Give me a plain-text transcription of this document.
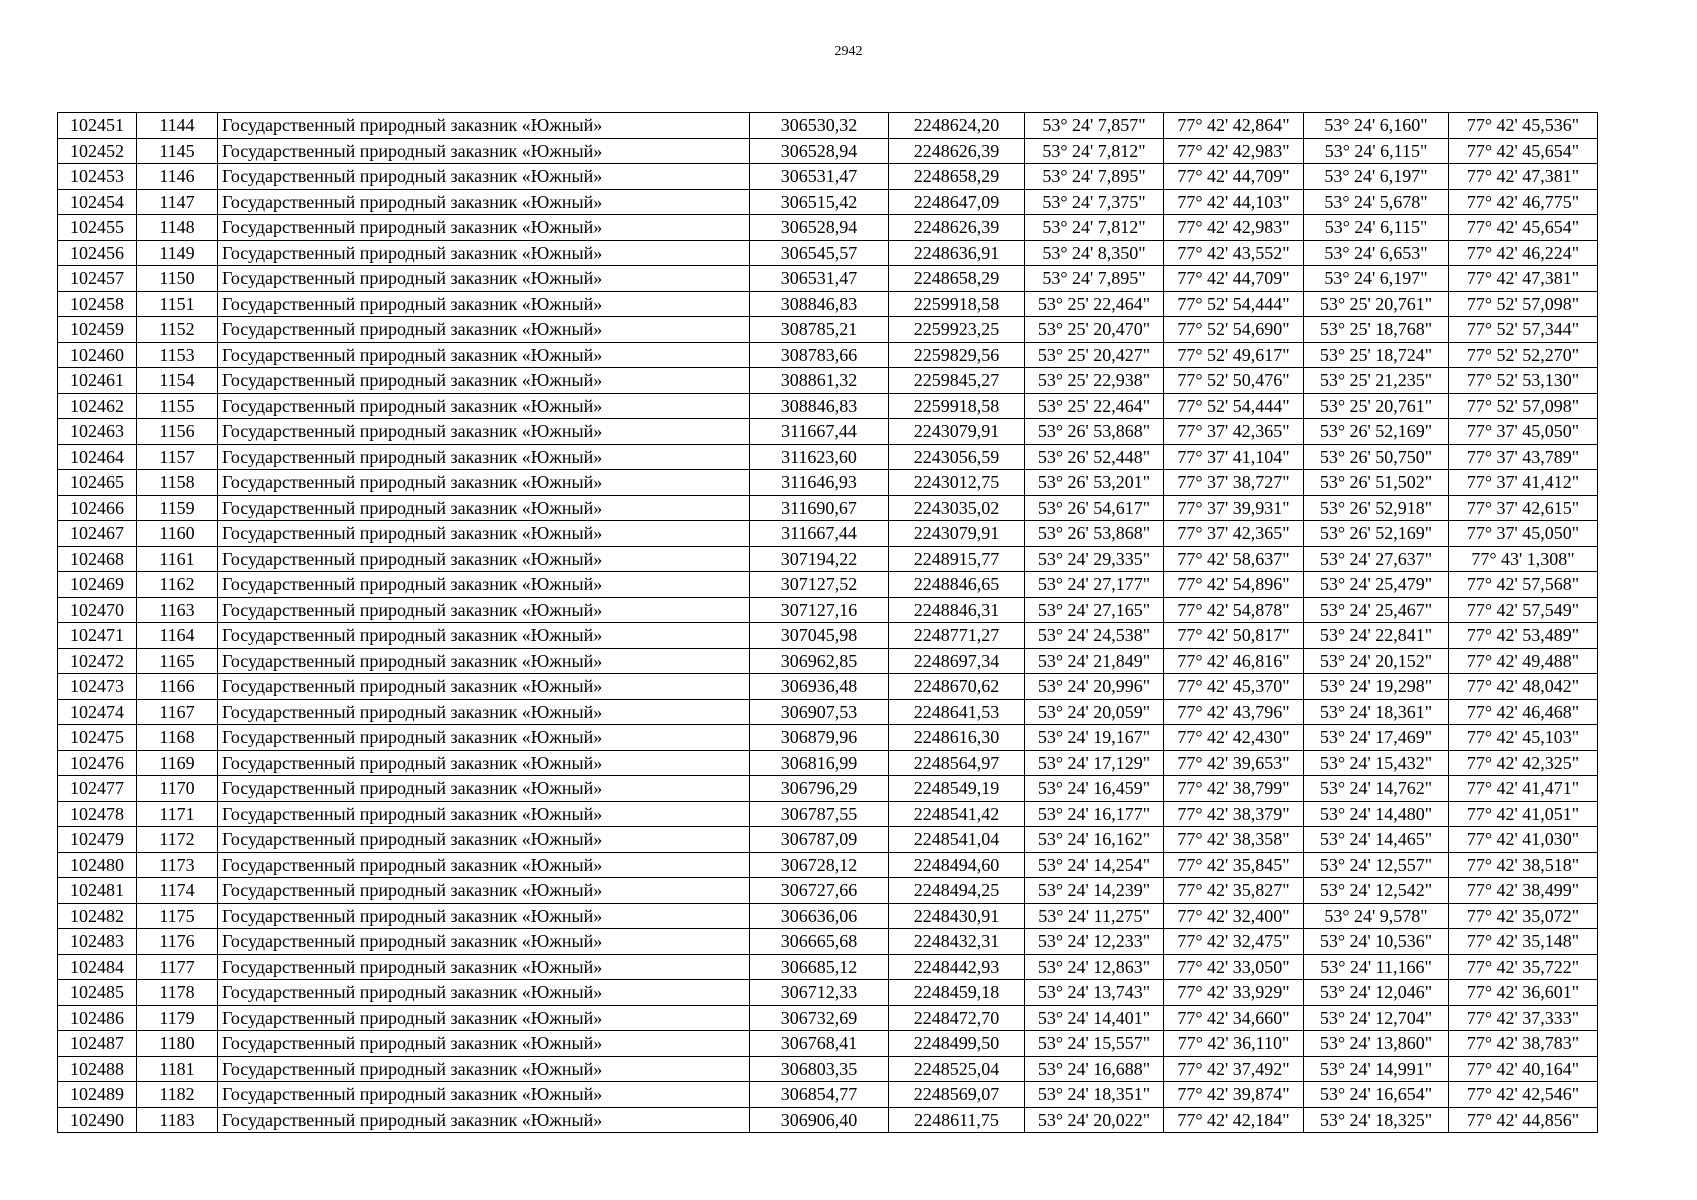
2942
102451	1144	Государственный природный заказник «Южный»	306530,32	2248624,20	53° 24' 7,857"	77° 42' 42,864"	53° 24' 6,160"	77° 42' 45,536"
102452	1145	Государственный природный заказник «Южный»	306528,94	2248626,39	53° 24' 7,812"	77° 42' 42,983"	53° 24' 6,115"	77° 42' 45,654"
102453	1146	Государственный природный заказник «Южный»	306531,47	2248658,29	53° 24' 7,895"	77° 42' 44,709"	53° 24' 6,197"	77° 42' 47,381"
102454	1147	Государственный природный заказник «Южный»	306515,42	2248647,09	53° 24' 7,375"	77° 42' 44,103"	53° 24' 5,678"	77° 42' 46,775"
102455	1148	Государственный природный заказник «Южный»	306528,94	2248626,39	53° 24' 7,812"	77° 42' 42,983"	53° 24' 6,115"	77° 42' 45,654"
102456	1149	Государственный природный заказник «Южный»	306545,57	2248636,91	53° 24' 8,350"	77° 42' 43,552"	53° 24' 6,653"	77° 42' 46,224"
102457	1150	Государственный природный заказник «Южный»	306531,47	2248658,29	53° 24' 7,895"	77° 42' 44,709"	53° 24' 6,197"	77° 42' 47,381"
102458	1151	Государственный природный заказник «Южный»	308846,83	2259918,58	53° 25' 22,464"	77° 52' 54,444"	53° 25' 20,761"	77° 52' 57,098"
102459	1152	Государственный природный заказник «Южный»	308785,21	2259923,25	53° 25' 20,470"	77° 52' 54,690"	53° 25' 18,768"	77° 52' 57,344"
102460	1153	Государственный природный заказник «Южный»	308783,66	2259829,56	53° 25' 20,427"	77° 52' 49,617"	53° 25' 18,724"	77° 52' 52,270"
102461	1154	Государственный природный заказник «Южный»	308861,32	2259845,27	53° 25' 22,938"	77° 52' 50,476"	53° 25' 21,235"	77° 52' 53,130"
102462	1155	Государственный природный заказник «Южный»	308846,83	2259918,58	53° 25' 22,464"	77° 52' 54,444"	53° 25' 20,761"	77° 52' 57,098"
102463	1156	Государственный природный заказник «Южный»	311667,44	2243079,91	53° 26' 53,868"	77° 37' 42,365"	53° 26' 52,169"	77° 37' 45,050"
102464	1157	Государственный природный заказник «Южный»	311623,60	2243056,59	53° 26' 52,448"	77° 37' 41,104"	53° 26' 50,750"	77° 37' 43,789"
102465	1158	Государственный природный заказник «Южный»	311646,93	2243012,75	53° 26' 53,201"	77° 37' 38,727"	53° 26' 51,502"	77° 37' 41,412"
102466	1159	Государственный природный заказник «Южный»	311690,67	2243035,02	53° 26' 54,617"	77° 37' 39,931"	53° 26' 52,918"	77° 37' 42,615"
102467	1160	Государственный природный заказник «Южный»	311667,44	2243079,91	53° 26' 53,868"	77° 37' 42,365"	53° 26' 52,169"	77° 37' 45,050"
102468	1161	Государственный природный заказник «Южный»	307194,22	2248915,77	53° 24' 29,335"	77° 42' 58,637"	53° 24' 27,637"	77° 43' 1,308"
102469	1162	Государственный природный заказник «Южный»	307127,52	2248846,65	53° 24' 27,177"	77° 42' 54,896"	53° 24' 25,479"	77° 42' 57,568"
102470	1163	Государственный природный заказник «Южный»	307127,16	2248846,31	53° 24' 27,165"	77° 42' 54,878"	53° 24' 25,467"	77° 42' 57,549"
102471	1164	Государственный природный заказник «Южный»	307045,98	2248771,27	53° 24' 24,538"	77° 42' 50,817"	53° 24' 22,841"	77° 42' 53,489"
102472	1165	Государственный природный заказник «Южный»	306962,85	2248697,34	53° 24' 21,849"	77° 42' 46,816"	53° 24' 20,152"	77° 42' 49,488"
102473	1166	Государственный природный заказник «Южный»	306936,48	2248670,62	53° 24' 20,996"	77° 42' 45,370"	53° 24' 19,298"	77° 42' 48,042"
102474	1167	Государственный природный заказник «Южный»	306907,53	2248641,53	53° 24' 20,059"	77° 42' 43,796"	53° 24' 18,361"	77° 42' 46,468"
102475	1168	Государственный природный заказник «Южный»	306879,96	2248616,30	53° 24' 19,167"	77° 42' 42,430"	53° 24' 17,469"	77° 42' 45,103"
102476	1169	Государственный природный заказник «Южный»	306816,99	2248564,97	53° 24' 17,129"	77° 42' 39,653"	53° 24' 15,432"	77° 42' 42,325"
102477	1170	Государственный природный заказник «Южный»	306796,29	2248549,19	53° 24' 16,459"	77° 42' 38,799"	53° 24' 14,762"	77° 42' 41,471"
102478	1171	Государственный природный заказник «Южный»	306787,55	2248541,42	53° 24' 16,177"	77° 42' 38,379"	53° 24' 14,480"	77° 42' 41,051"
102479	1172	Государственный природный заказник «Южный»	306787,09	2248541,04	53° 24' 16,162"	77° 42' 38,358"	53° 24' 14,465"	77° 42' 41,030"
102480	1173	Государственный природный заказник «Южный»	306728,12	2248494,60	53° 24' 14,254"	77° 42' 35,845"	53° 24' 12,557"	77° 42' 38,518"
102481	1174	Государственный природный заказник «Южный»	306727,66	2248494,25	53° 24' 14,239"	77° 42' 35,827"	53° 24' 12,542"	77° 42' 38,499"
102482	1175	Государственный природный заказник «Южный»	306636,06	2248430,91	53° 24' 11,275"	77° 42' 32,400"	53° 24' 9,578"	77° 42' 35,072"
102483	1176	Государственный природный заказник «Южный»	306665,68	2248432,31	53° 24' 12,233"	77° 42' 32,475"	53° 24' 10,536"	77° 42' 35,148"
102484	1177	Государственный природный заказник «Южный»	306685,12	2248442,93	53° 24' 12,863"	77° 42' 33,050"	53° 24' 11,166"	77° 42' 35,722"
102485	1178	Государственный природный заказник «Южный»	306712,33	2248459,18	53° 24' 13,743"	77° 42' 33,929"	53° 24' 12,046"	77° 42' 36,601"
102486	1179	Государственный природный заказник «Южный»	306732,69	2248472,70	53° 24' 14,401"	77° 42' 34,660"	53° 24' 12,704"	77° 42' 37,333"
102487	1180	Государственный природный заказник «Южный»	306768,41	2248499,50	53° 24' 15,557"	77° 42' 36,110"	53° 24' 13,860"	77° 42' 38,783"
102488	1181	Государственный природный заказник «Южный»	306803,35	2248525,04	53° 24' 16,688"	77° 42' 37,492"	53° 24' 14,991"	77° 42' 40,164"
102489	1182	Государственный природный заказник «Южный»	306854,77	2248569,07	53° 24' 18,351"	77° 42' 39,874"	53° 24' 16,654"	77° 42' 42,546"
102490	1183	Государственный природный заказник «Южный»	306906,40	2248611,75	53° 24' 20,022"	77° 42' 42,184"	53° 24' 18,325"	77° 42' 44,856"
